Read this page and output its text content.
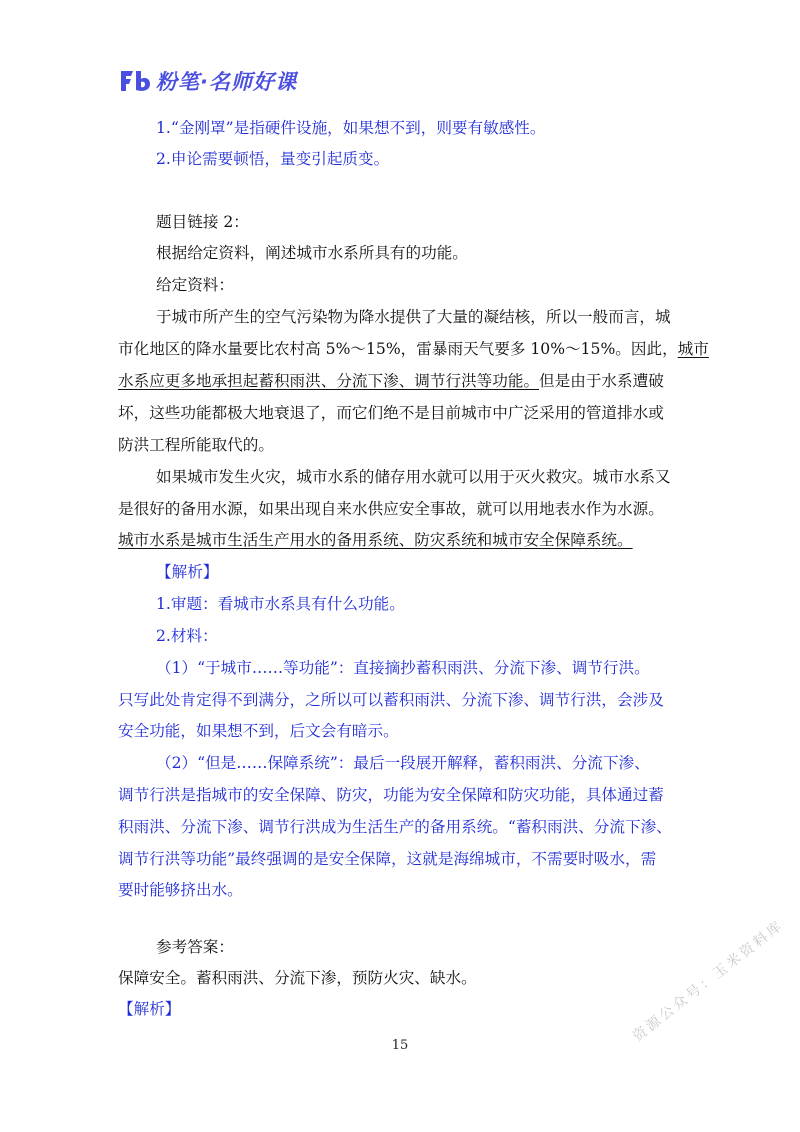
粉笔·名师好课
1.“金刚罩”是指硬件设施，如果想不到，则要有敏感性。
2.申论需要顿悟，量变引起质变。
题目链接 2：
根据给定资料，阐述城市水系所具有的功能。
给定资料：
于城市所产生的空气污染物为降水提供了大量的凝结核，所以一般而言，城
市化地区的降水量要比农村高 5%～15%，雷暴雨天气要多 10%～15%。因此，城市
水系应更多地承担起蓄积雨洪、分流下渗、调节行洪等功能。但是由于水系遭破
坏，这些功能都极大地衰退了，而它们绝不是目前城市中广泛采用的管道排水或
防洪工程所能取代的。
如果城市发生火灾，城市水系的储存用水就可以用于灭火救灾。城市水系又
是很好的备用水源，如果出现自来水供应安全事故，就可以用地表水作为水源。
城市水系是城市生活生产用水的备用系统、防灾系统和城市安全保障系统。
【解析】
1.审题：看城市水系具有什么功能。
2.材料：
（1）“于城市……等功能”：直接摘抄蓄积雨洪、分流下渗、调节行洪。
只写此处肯定得不到满分，之所以可以蓄积雨洪、分流下渗、调节行洪，会涉及
安全功能，如果想不到，后文会有暗示。
（2）“但是……保障系统”：最后一段展开解释，蓄积雨洪、分流下渗、
调节行洪是指城市的安全保障、防灾，功能为安全保障和防灾功能，具体通过蓄
积雨洪、分流下渗、调节行洪成为生活生产的备用系统。“蓄积雨洪、分流下渗、
调节行洪等功能”最终强调的是安全保障，这就是海绵城市，不需要时吸水，需
要时能够挤出水。
参考答案：
保障安全。蓄积雨洪、分流下渗，预防火灾、缺水。
【解析】
15
资源公众号：玉米资料库
